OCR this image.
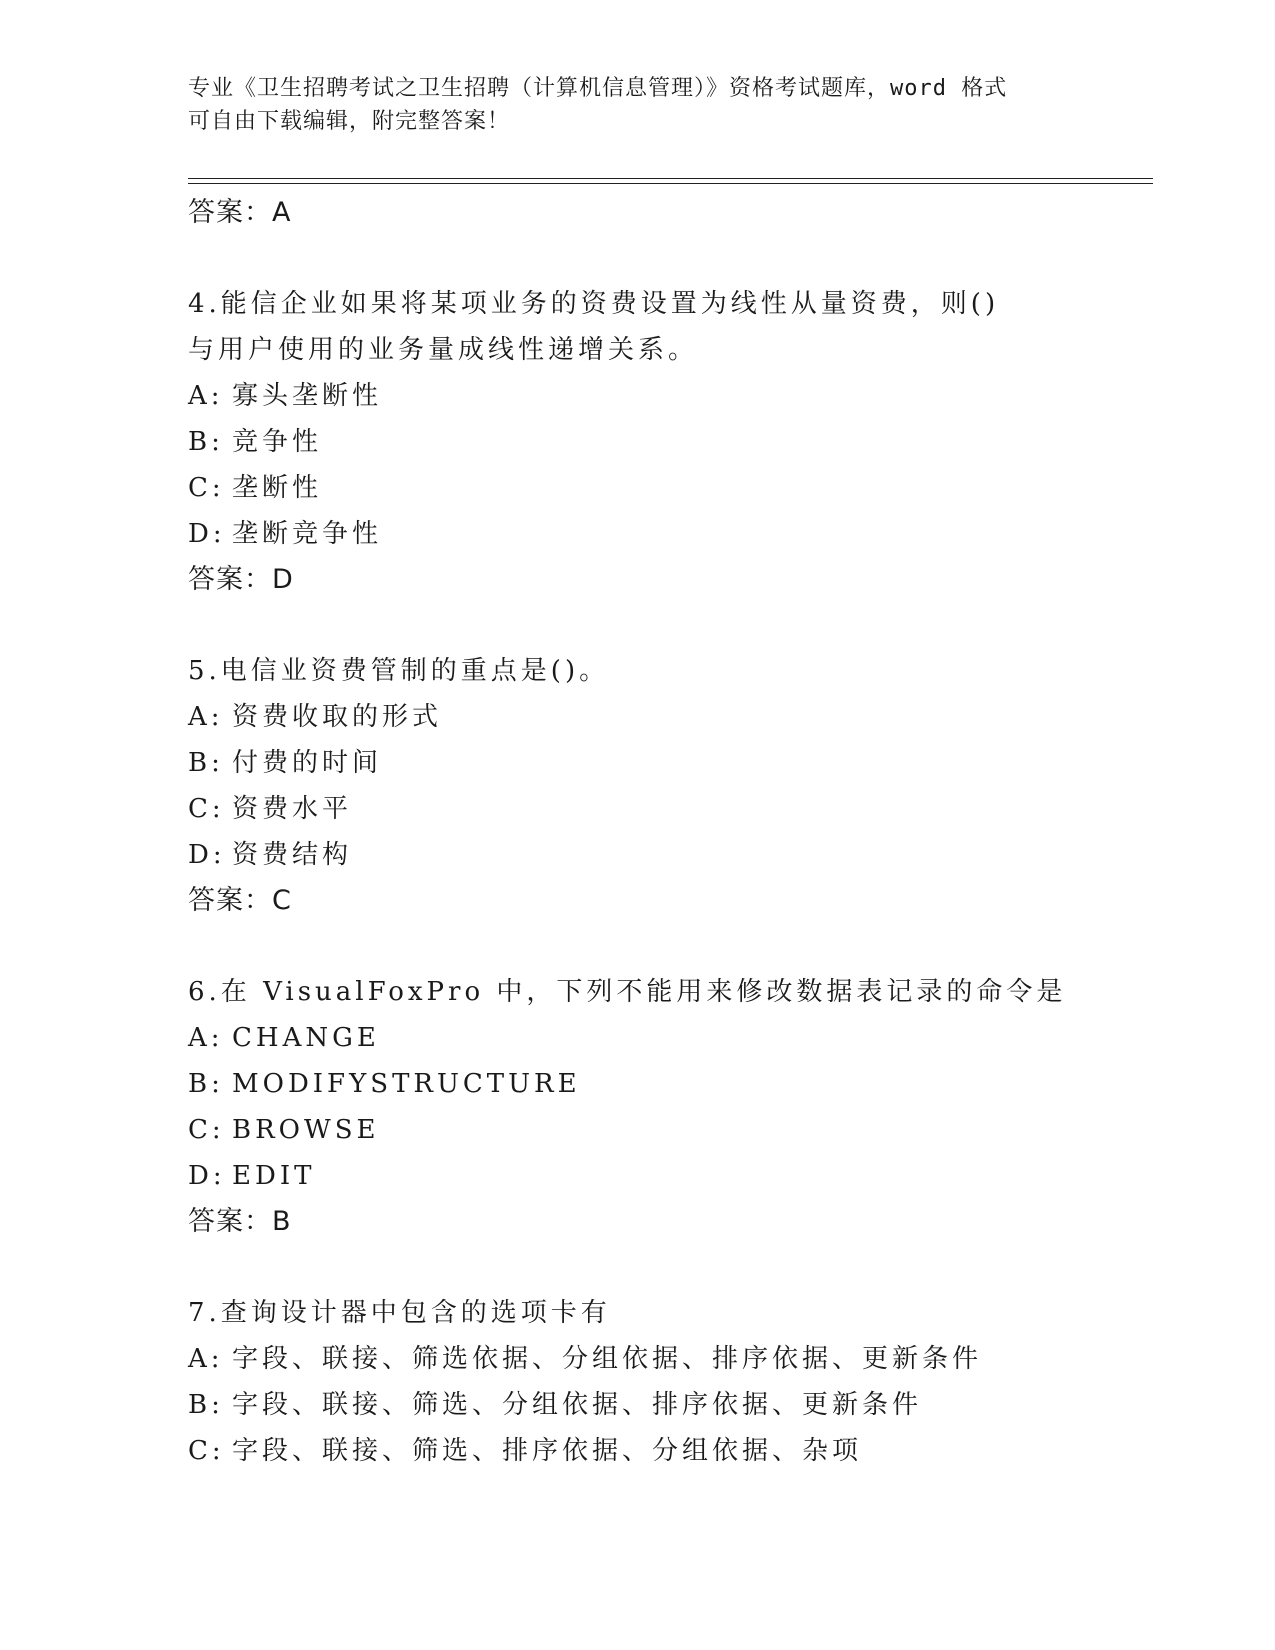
专业《卫生招聘考试之卫生招聘（计算机信息管理）》资格考试题库，word 格式
可自由下载编辑，附完整答案！
答案：A
4.能信企业如果将某项业务的资费设置为线性从量资费，则()与用户使用的业务量成线性递增关系。
A: 寡头垄断性
B: 竞争性
C: 垄断性
D: 垄断竞争性
答案：D
5.电信业资费管制的重点是()。
A: 资费收取的形式
B: 付费的时间
C: 资费水平
D: 资费结构
答案：C
6.在 VisualFoxPro 中，下列不能用来修改数据表记录的命令是
A: CHANGE
B: MODIFYSTRUCTURE
C: BROWSE
D: EDIT
答案：B
7.查询设计器中包含的选项卡有
A: 字段、联接、筛选依据、分组依据、排序依据、更新条件
B: 字段、联接、筛选、分组依据、排序依据、更新条件
C: 字段、联接、筛选、排序依据、分组依据、杂项
